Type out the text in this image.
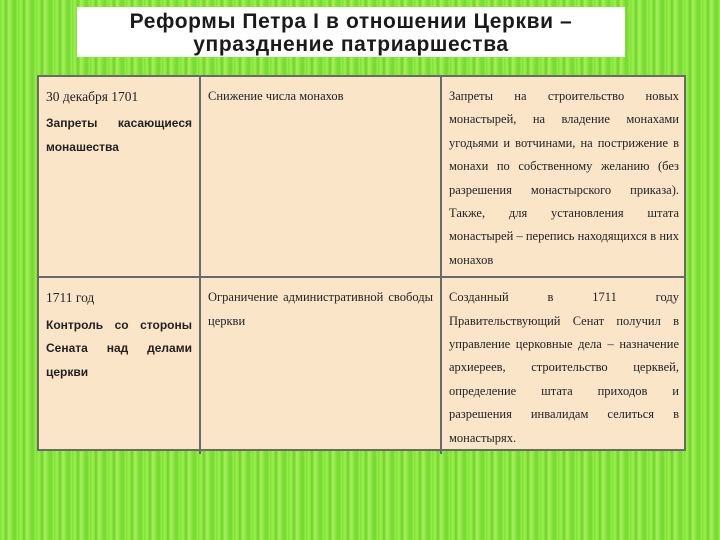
Реформы Петра I в отношении Церкви –
упразднение патриаршества
30 декабря 1701
Запреты касающиеся монашества	Снижение числа монахов	Запреты на строительство новых монастырей, на владение монахами угодьями и вотчинами, на пострижение в монахи по собственному желанию (без разрешения монастырского приказа). Также, для установления штата монастырей – перепись находящихся в них монахов

1711 год
Контроль со стороны Сената над делами церкви	Ограничение административной свободы церкви	Созданный в 1711 году Правительствующий Сенат получил в управление церковные дела – назначение архиереев, строительство церквей, определение штата приходов и разрешения инвалидам селиться в монастырях.
